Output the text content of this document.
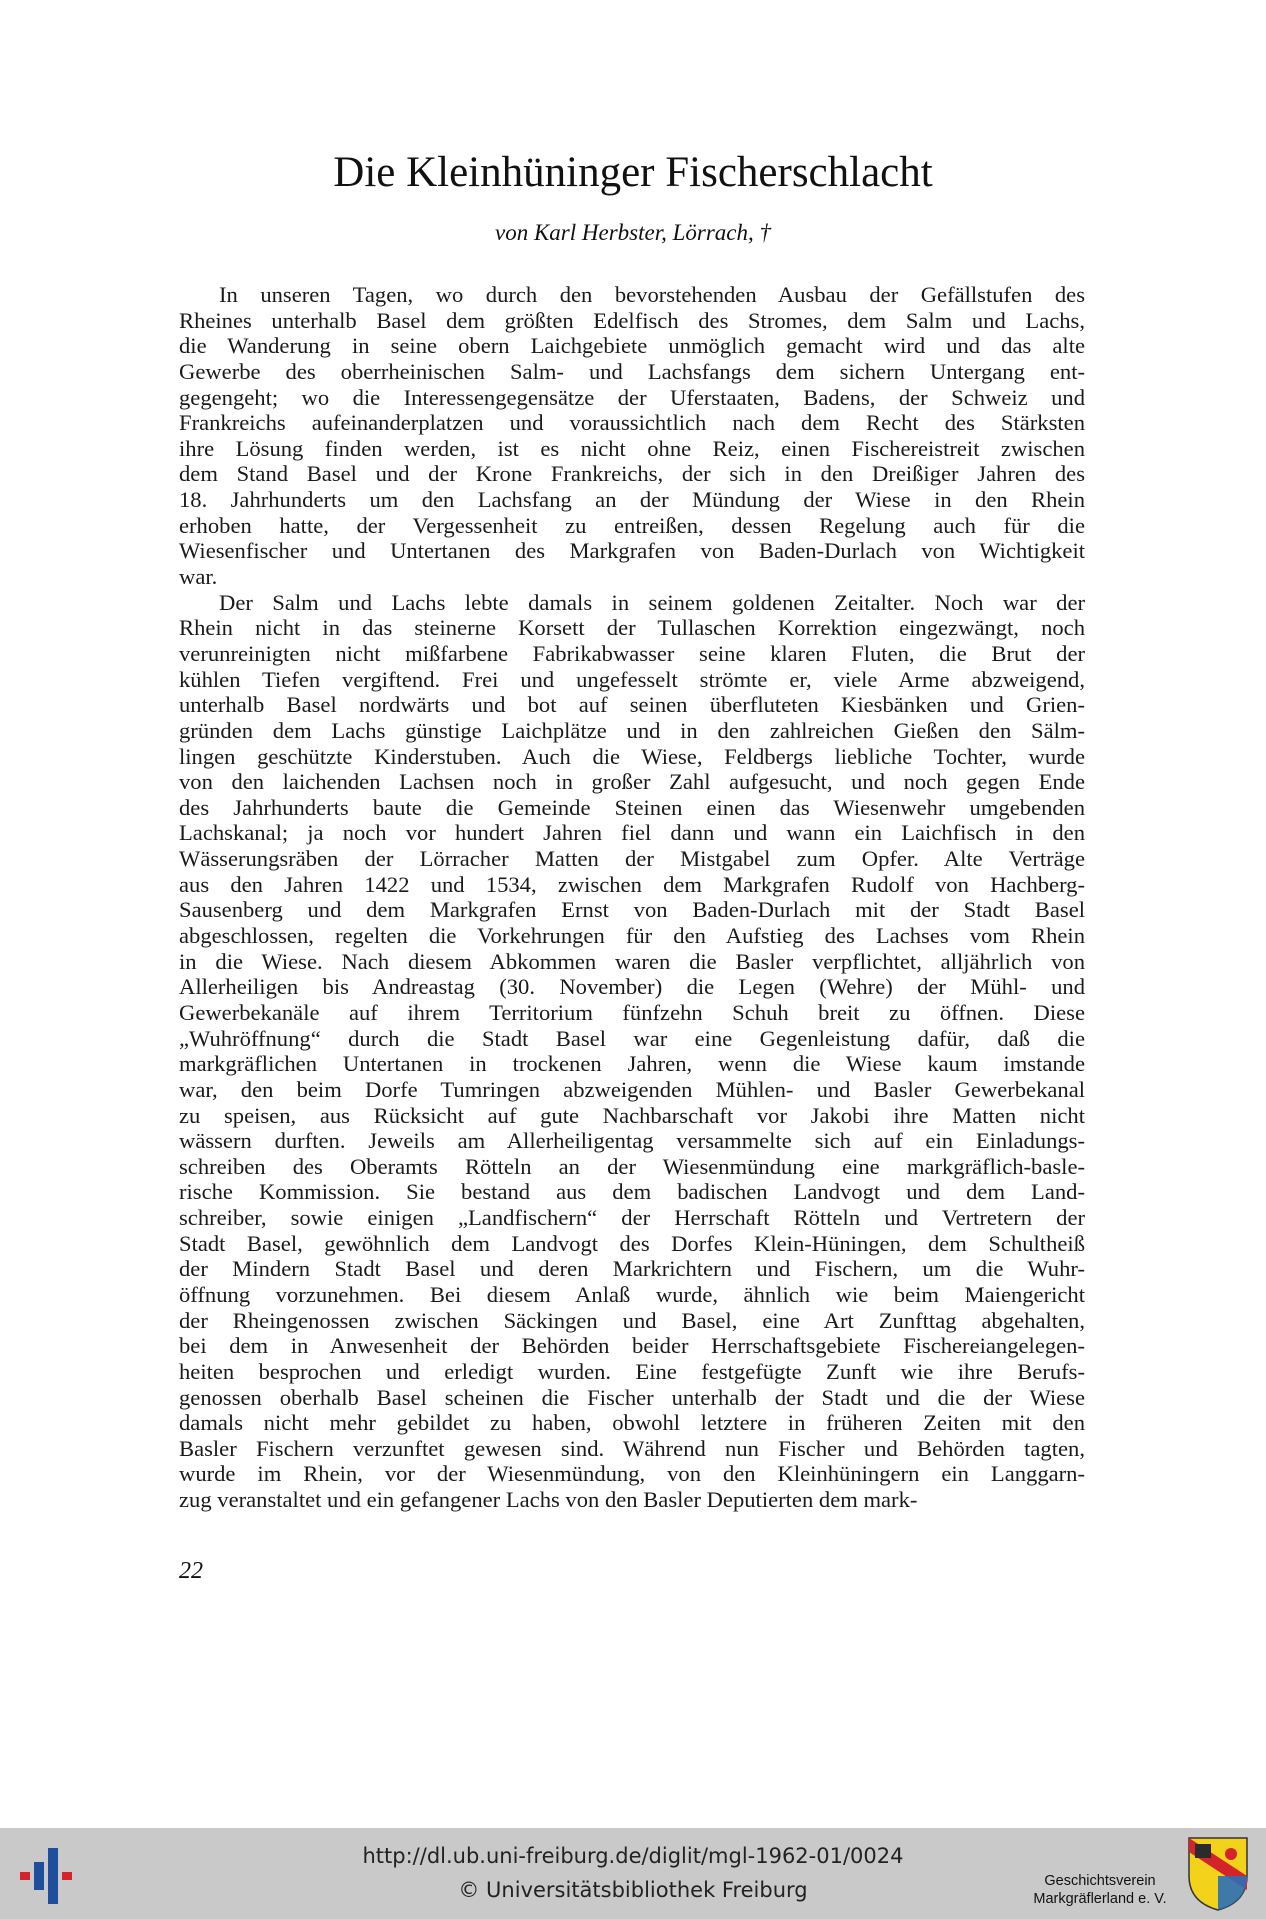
Die Kleinhüninger Fischerschlacht
von Karl Herbster, Lörrach, †
In unseren Tagen, wo durch den bevorstehenden Ausbau der Gefällstufen des
Rheines unterhalb Basel dem größten Edelfisch des Stromes, dem Salm und Lachs,
die Wanderung in seine obern Laichgebiete unmöglich gemacht wird und das alte
Gewerbe des oberrheinischen Salm- und Lachsfangs dem sichern Untergang ent-
gegengeht; wo die Interessengegensätze der Uferstaaten, Badens, der Schweiz und
Frankreichs aufeinanderplatzen und voraussichtlich nach dem Recht des Stärksten
ihre Lösung finden werden, ist es nicht ohne Reiz, einen Fischereistreit zwischen
dem Stand Basel und der Krone Frankreichs, der sich in den Dreißiger Jahren des
18. Jahrhunderts um den Lachsfang an der Mündung der Wiese in den Rhein
erhoben hatte, der Vergessenheit zu entreißen, dessen Regelung auch für die
Wiesenfischer und Untertanen des Markgrafen von Baden-Durlach von Wichtigkeit
war.
Der Salm und Lachs lebte damals in seinem goldenen Zeitalter. Noch war der
Rhein nicht in das steinerne Korsett der Tullaschen Korrektion eingezwängt, noch
verunreinigten nicht mißfarbene Fabrikabwasser seine klaren Fluten, die Brut der
kühlen Tiefen vergiftend. Frei und ungefesselt strömte er, viele Arme abzweigend,
unterhalb Basel nordwärts und bot auf seinen überfluteten Kiesbänken und Grien-
gründen dem Lachs günstige Laichplätze und in den zahlreichen Gießen den Sälm-
lingen geschützte Kinderstuben. Auch die Wiese, Feldbergs liebliche Tochter, wurde
von den laichenden Lachsen noch in großer Zahl aufgesucht, und noch gegen Ende
des Jahrhunderts baute die Gemeinde Steinen einen das Wiesenwehr umgebenden
Lachskanal; ja noch vor hundert Jahren fiel dann und wann ein Laichfisch in den
Wässerungsräben der Lörracher Matten der Mistgabel zum Opfer. Alte Verträge
aus den Jahren 1422 und 1534, zwischen dem Markgrafen Rudolf von Hachberg-
Sausenberg und dem Markgrafen Ernst von Baden-Durlach mit der Stadt Basel
abgeschlossen, regelten die Vorkehrungen für den Aufstieg des Lachses vom Rhein
in die Wiese. Nach diesem Abkommen waren die Basler verpflichtet, alljährlich von
Allerheiligen bis Andreastag (30. November) die Legen (Wehre) der Mühl- und
Gewerbekanäle auf ihrem Territorium fünfzehn Schuh breit zu öffnen. Diese
„Wuhröffnung“ durch die Stadt Basel war eine Gegenleistung dafür, daß die
markgräflichen Untertanen in trockenen Jahren, wenn die Wiese kaum imstande
war, den beim Dorfe Tumringen abzweigenden Mühlen- und Basler Gewerbekanal
zu speisen, aus Rücksicht auf gute Nachbarschaft vor Jakobi ihre Matten nicht
wässern durften. Jeweils am Allerheiligentag versammelte sich auf ein Einladungs-
schreiben des Oberamts Rötteln an der Wiesenmündung eine markgräflich-basle-
rische Kommission. Sie bestand aus dem badischen Landvogt und dem Land-
schreiber, sowie einigen „Landfischern“ der Herrschaft Rötteln und Vertretern der
Stadt Basel, gewöhnlich dem Landvogt des Dorfes Klein-Hüningen, dem Schultheiß
der Mindern Stadt Basel und deren Markrichtern und Fischern, um die Wuhr-
öffnung vorzunehmen. Bei diesem Anlaß wurde, ähnlich wie beim Maiengericht
der Rheingenossen zwischen Säckingen und Basel, eine Art Zunfttag abgehalten,
bei dem in Anwesenheit der Behörden beider Herrschaftsgebiete Fischereiangelegen-
heiten besprochen und erledigt wurden. Eine festgefügte Zunft wie ihre Berufs-
genossen oberhalb Basel scheinen die Fischer unterhalb der Stadt und die der Wiese
damals nicht mehr gebildet zu haben, obwohl letztere in früheren Zeiten mit den
Basler Fischern verzunftet gewesen sind. Während nun Fischer und Behörden tagten,
wurde im Rhein, vor der Wiesenmündung, von den Kleinhüningern ein Langgarn-
zug veranstaltet und ein gefangener Lachs von den Basler Deputierten dem mark-
22
http://dl.ub.uni-freiburg.de/diglit/mgl-1962-01/0024
© Universitätsbibliothek Freiburg	Geschichtsverein
Markgräflerland e. V.
